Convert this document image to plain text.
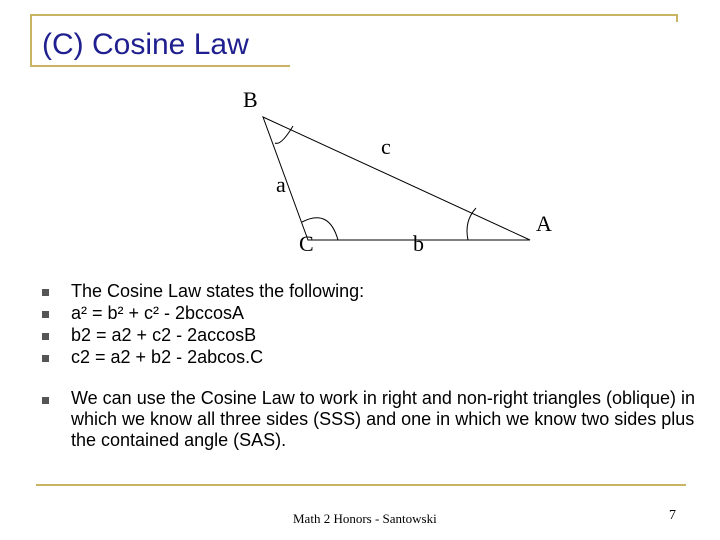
(C) Cosine Law
B
c
a
C	b
A
The Cosine Law states the following:
a² = b² + c² - 2bccosA
b2 = a2 + c2 - 2accosB
c2 = a2 + b2 - 2abcos.C
We can use the Cosine Law to work in right and non-right triangles (oblique) in which we know all three sides (SSS) and one in which we know two sides plus the contained angle (SAS).
Math 2 Honors - Santowski	7
